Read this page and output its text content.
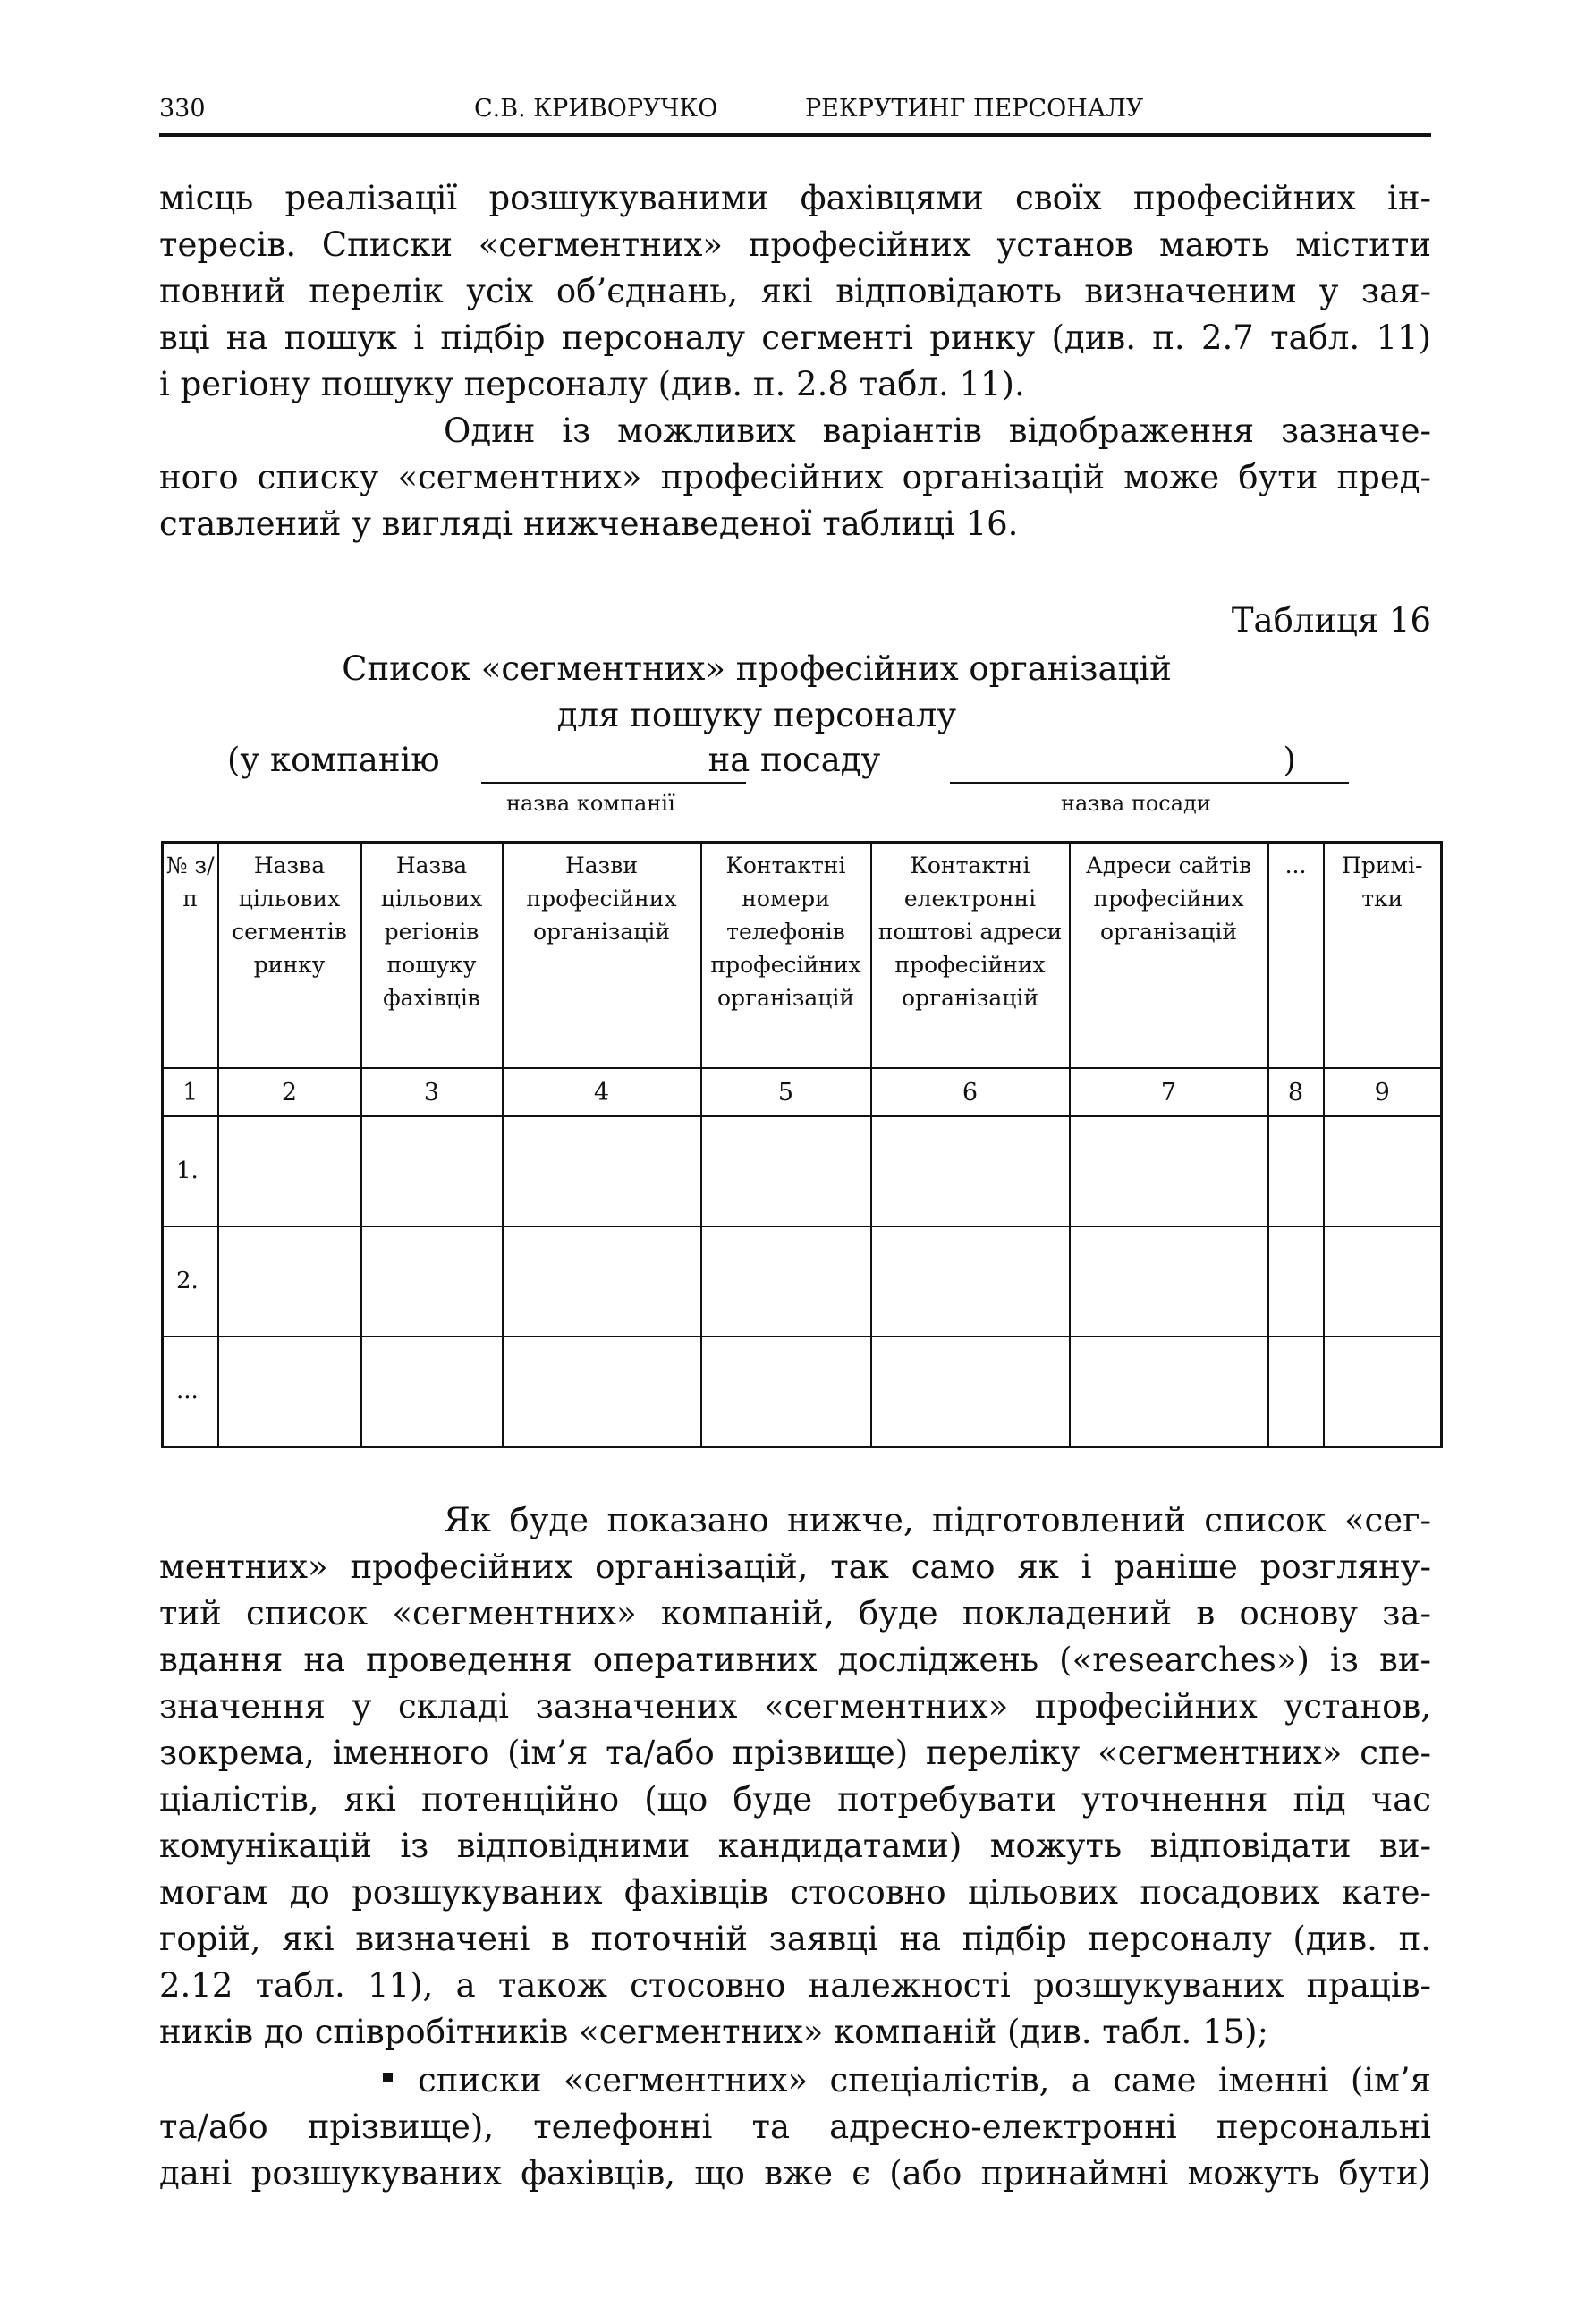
330	С.В. КРИВОРУЧКО	РЕКРУТИНГ ПЕРСОНАЛУ
місць реалізації розшукуваними фахівцями своїх професійних ін-
тересів. Списки «сегментних» професійних установ мають містити
повний перелік усіх об’єднань, які відповідають визначеним у зая-
вці на пошук і підбір персоналу сегменті ринку (див. п. 2.7 табл. 11)
і регіону пошуку персоналу (див. п. 2.8 табл. 11).
Один із можливих варіантів відображення зазначе-
ного списку «сегментних» професійних організацій може бути пред-
ставлений у вигляді нижченаведеної таблиці 16.
Таблиця 16
Список «сегментних» професійних організацій
для пошуку персоналу
(у компанію	на посаду	)
назва компанії	назва посади
№ з/п	Назва цільових сегментів ринку	Назва цільових регіонів пошуку фахівців	Назви професійних організацій	Контактні номери телефонів професійних організацій	Контактні електронні поштові адреси професійних організацій	Адреси сайтів професійних організацій	...	Примі-тки
1	2	3	4	5	6	7	8	9
1.								
2.								
...								
Як буде показано нижче, підготовлений список «сег-
ментних» професійних організацій, так само як і раніше розгляну-
тий список «сегментних» компаній, буде покладений в основу за-
вдання на проведення оперативних досліджень («researches») із ви-
значення у складі зазначених «сегментних» професійних установ,
зокрема, іменного (ім’я та/або прізвище) переліку «сегментних» спе-
ціалістів, які потенційно (що буде потребувати уточнення під час
комунікацій із відповідними кандидатами) можуть відповідати ви-
могам до розшукуваних фахівців стосовно цільових посадових кате-
горій, які визначені в поточній заявці на підбір персоналу (див. п.
2.12 табл. 11), а також стосовно належності розшукуваних праців-
ників до співробітників «сегментних» компаній (див. табл. 15);
списки «сегментних» спеціалістів, а саме іменні (ім’я
та/або прізвище), телефонні та адресно-електронні персональні
дані розшукуваних фахівців, що вже є (або принаймні можуть бути)
